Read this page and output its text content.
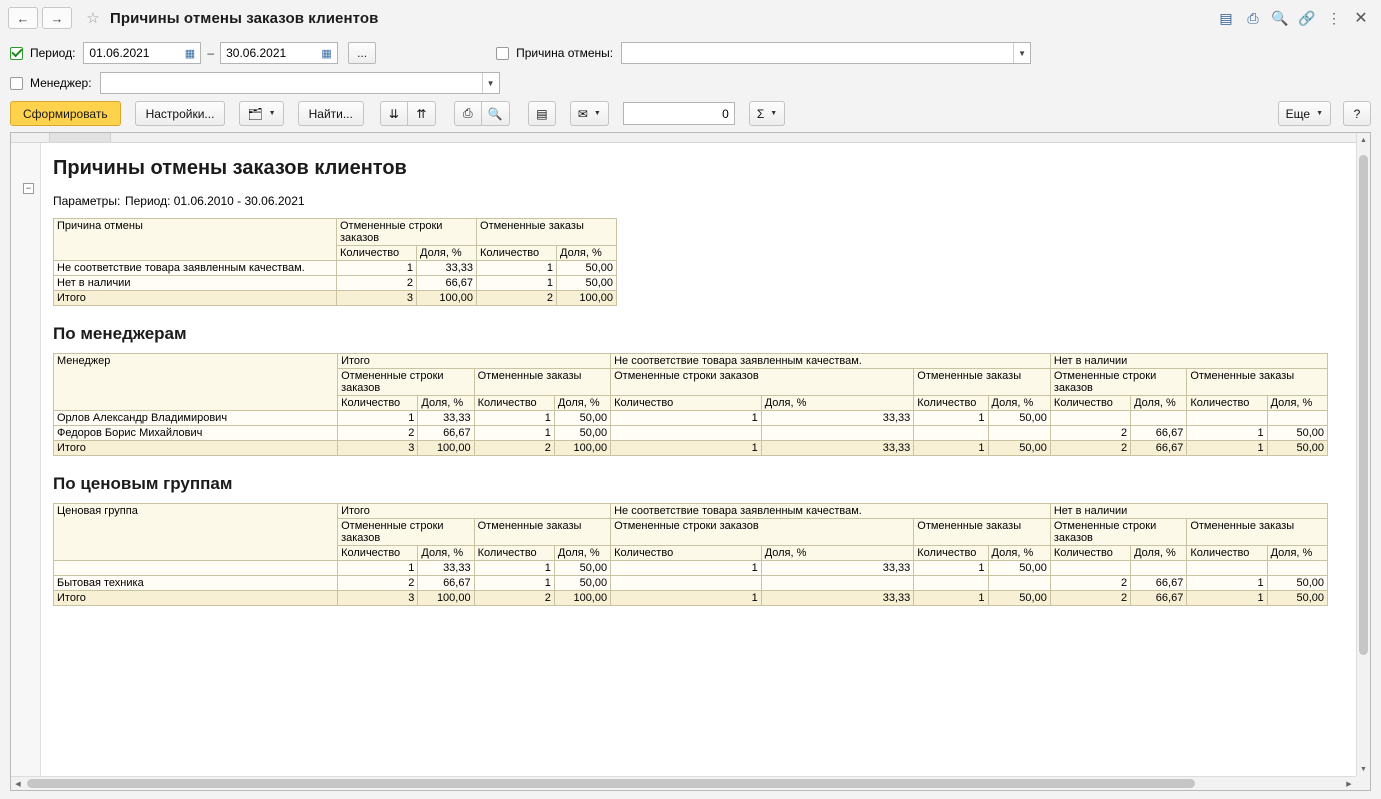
← → ☆ Причины отмены заказов клиентов	▤	⎙ 🔍 🔗 ⋮ ✕
Период:
01.06.2021	▦ –
30.06.2021	▦	...	Причина отмены:	▼
Менеджер:	▼
Сформировать	Настройки...	🗂 ▼	Найти...	⇊	⇈	⎙	🔍	▤	✉ ▼	0	Σ ▼	Еще ▼	?
−
Причины отмены заказов клиентов
Параметры: Период: 01.06.2010 - 30.06.2021
Причина отмены	Отмененные строки заказов		Отмененные заказы	
	Количество	Доля, %	Количество	Доля, %
Не соответствие товара заявленным качествам.	1	33,33	1	50,00
Нет в наличии	2	66,67	1	50,00
Итого	3	100,00	2	100,00
По менеджерам
Менеджер	Итого				Не соответствие товара заявленным качествам.				Нет в наличии			
	Отмененные строки заказов		Отмененные заказы		Отмененные строки заказов		Отмененные заказы		Отмененные строки заказов		Отмененные заказы	
	Количество	Доля, %	Количество	Доля, %	Количество	Доля, %	Количество	Доля, %	Количество	Доля, %	Количество	Доля, %
Орлов Александр Владимирович	1	33,33	1	50,00	1	33,33	1	50,00				
Федоров Борис Михайлович	2	66,67	1	50,00					2	66,67	1	50,00
Итого	3	100,00	2	100,00	1	33,33	1	50,00	2	66,67	1	50,00
По ценовым группам
Ценовая группа	Итого				Не соответствие товара заявленным качествам.				Нет в наличии			
	Отмененные строки заказов		Отмененные заказы		Отмененные строки заказов		Отмененные заказы		Отмененные строки заказов		Отмененные заказы	
	Количество	Доля, %	Количество	Доля, %	Количество	Доля, %	Количество	Доля, %	Количество	Доля, %	Количество	Доля, %
	1	33,33	1	50,00	1	33,33	1	50,00				
Бытовая техника	2	66,67	1	50,00					2	66,67	1	50,00
Итого	3	100,00	2	100,00	1	33,33	1	50,00	2	66,67	1	50,00
▲
▼
◀	▶
